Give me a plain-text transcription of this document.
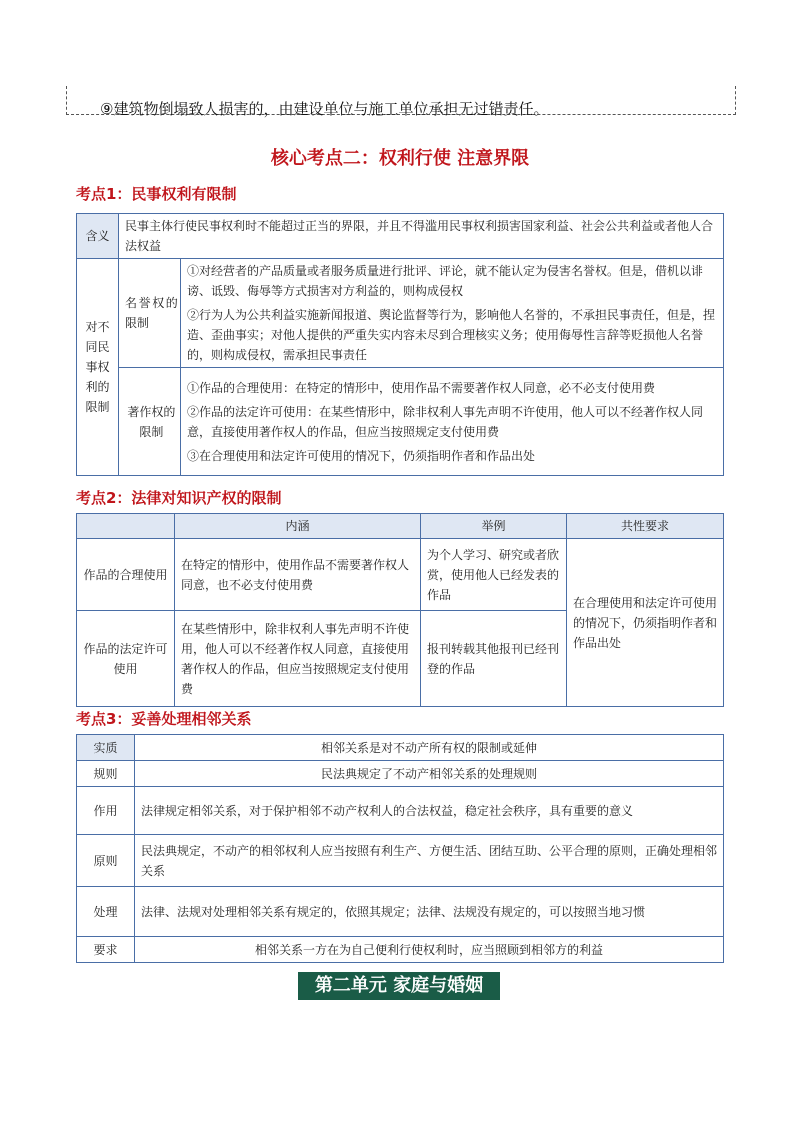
⑨建筑物倒塌致人损害的，由建设单位与施工单位承担无过错责任。
核心考点二：权利行使 注意界限
考点1：民事权利有限制
含义	民事主体行使民事权利时不能超过正当的界限，并且不得滥用民事权利损害国家利益、社会公共利益或者他人合法权益	

对不同民事权利的限制	名誉权的限制	①对经营者的产品质量或者服务质量进行批评、评论，就不能认定为侵害名誉权。但是，借机以诽谤、诋毁、侮辱等方式损害对方利益的，则构成侵权
②行为人为公共利益实施新闻报道、舆论监督等行为，影响他人名誉的，不承担民事责任，但是，捏造、歪曲事实；对他人提供的严重失实内容未尽到合理核实义务；使用侮辱性言辞等贬损他人名誉的，则构成侵权，需承担民事责任

	著作权的限制	①作品的合理使用：在特定的情形中，使用作品不需要著作权人同意，必不必支付使用费
②作品的法定许可使用：在某些情形中，除非权利人事先声明不许使用，他人可以不经著作权人同意，直接使用著作权人的作品，但应当按照规定支付使用费
③在合理使用和法定许可使用的情况下，仍须指明作者和作品出处
考点2：法律对知识产权的限制
	内涵	举例	共性要求
作品的合理使用	在特定的情形中，使用作品不需要著作权人同意，也不必支付使用费	为个人学习、研究或者欣赏，使用他人已经发表的作品	在合理使用和法定许可使用的情况下，仍须指明作者和作品出处
作品的法定许可使用	在某些情形中，除非权利人事先声明不许使用，他人可以不经著作权人同意，直接使用著作权人的作品，但应当按照规定支付使用费	报刊转载其他报刊已经刊登的作品	
考点3：妥善处理相邻关系
实质	相邻关系是对不动产所有权的限制或延伸
规则	民法典规定了不动产相邻关系的处理规则
作用	法律规定相邻关系，对于保护相邻不动产权利人的合法权益，稳定社会秩序，具有重要的意义
原则	民法典规定，不动产的相邻权利人应当按照有利生产、方便生活、团结互助、公平合理的原则，正确处理相邻关系
处理	法律、法规对处理相邻关系有规定的，依照其规定；法律、法规没有规定的，可以按照当地习惯
要求	相邻关系一方在为自己便利行使权利时，应当照顾到相邻方的利益
第二单元 家庭与婚姻
